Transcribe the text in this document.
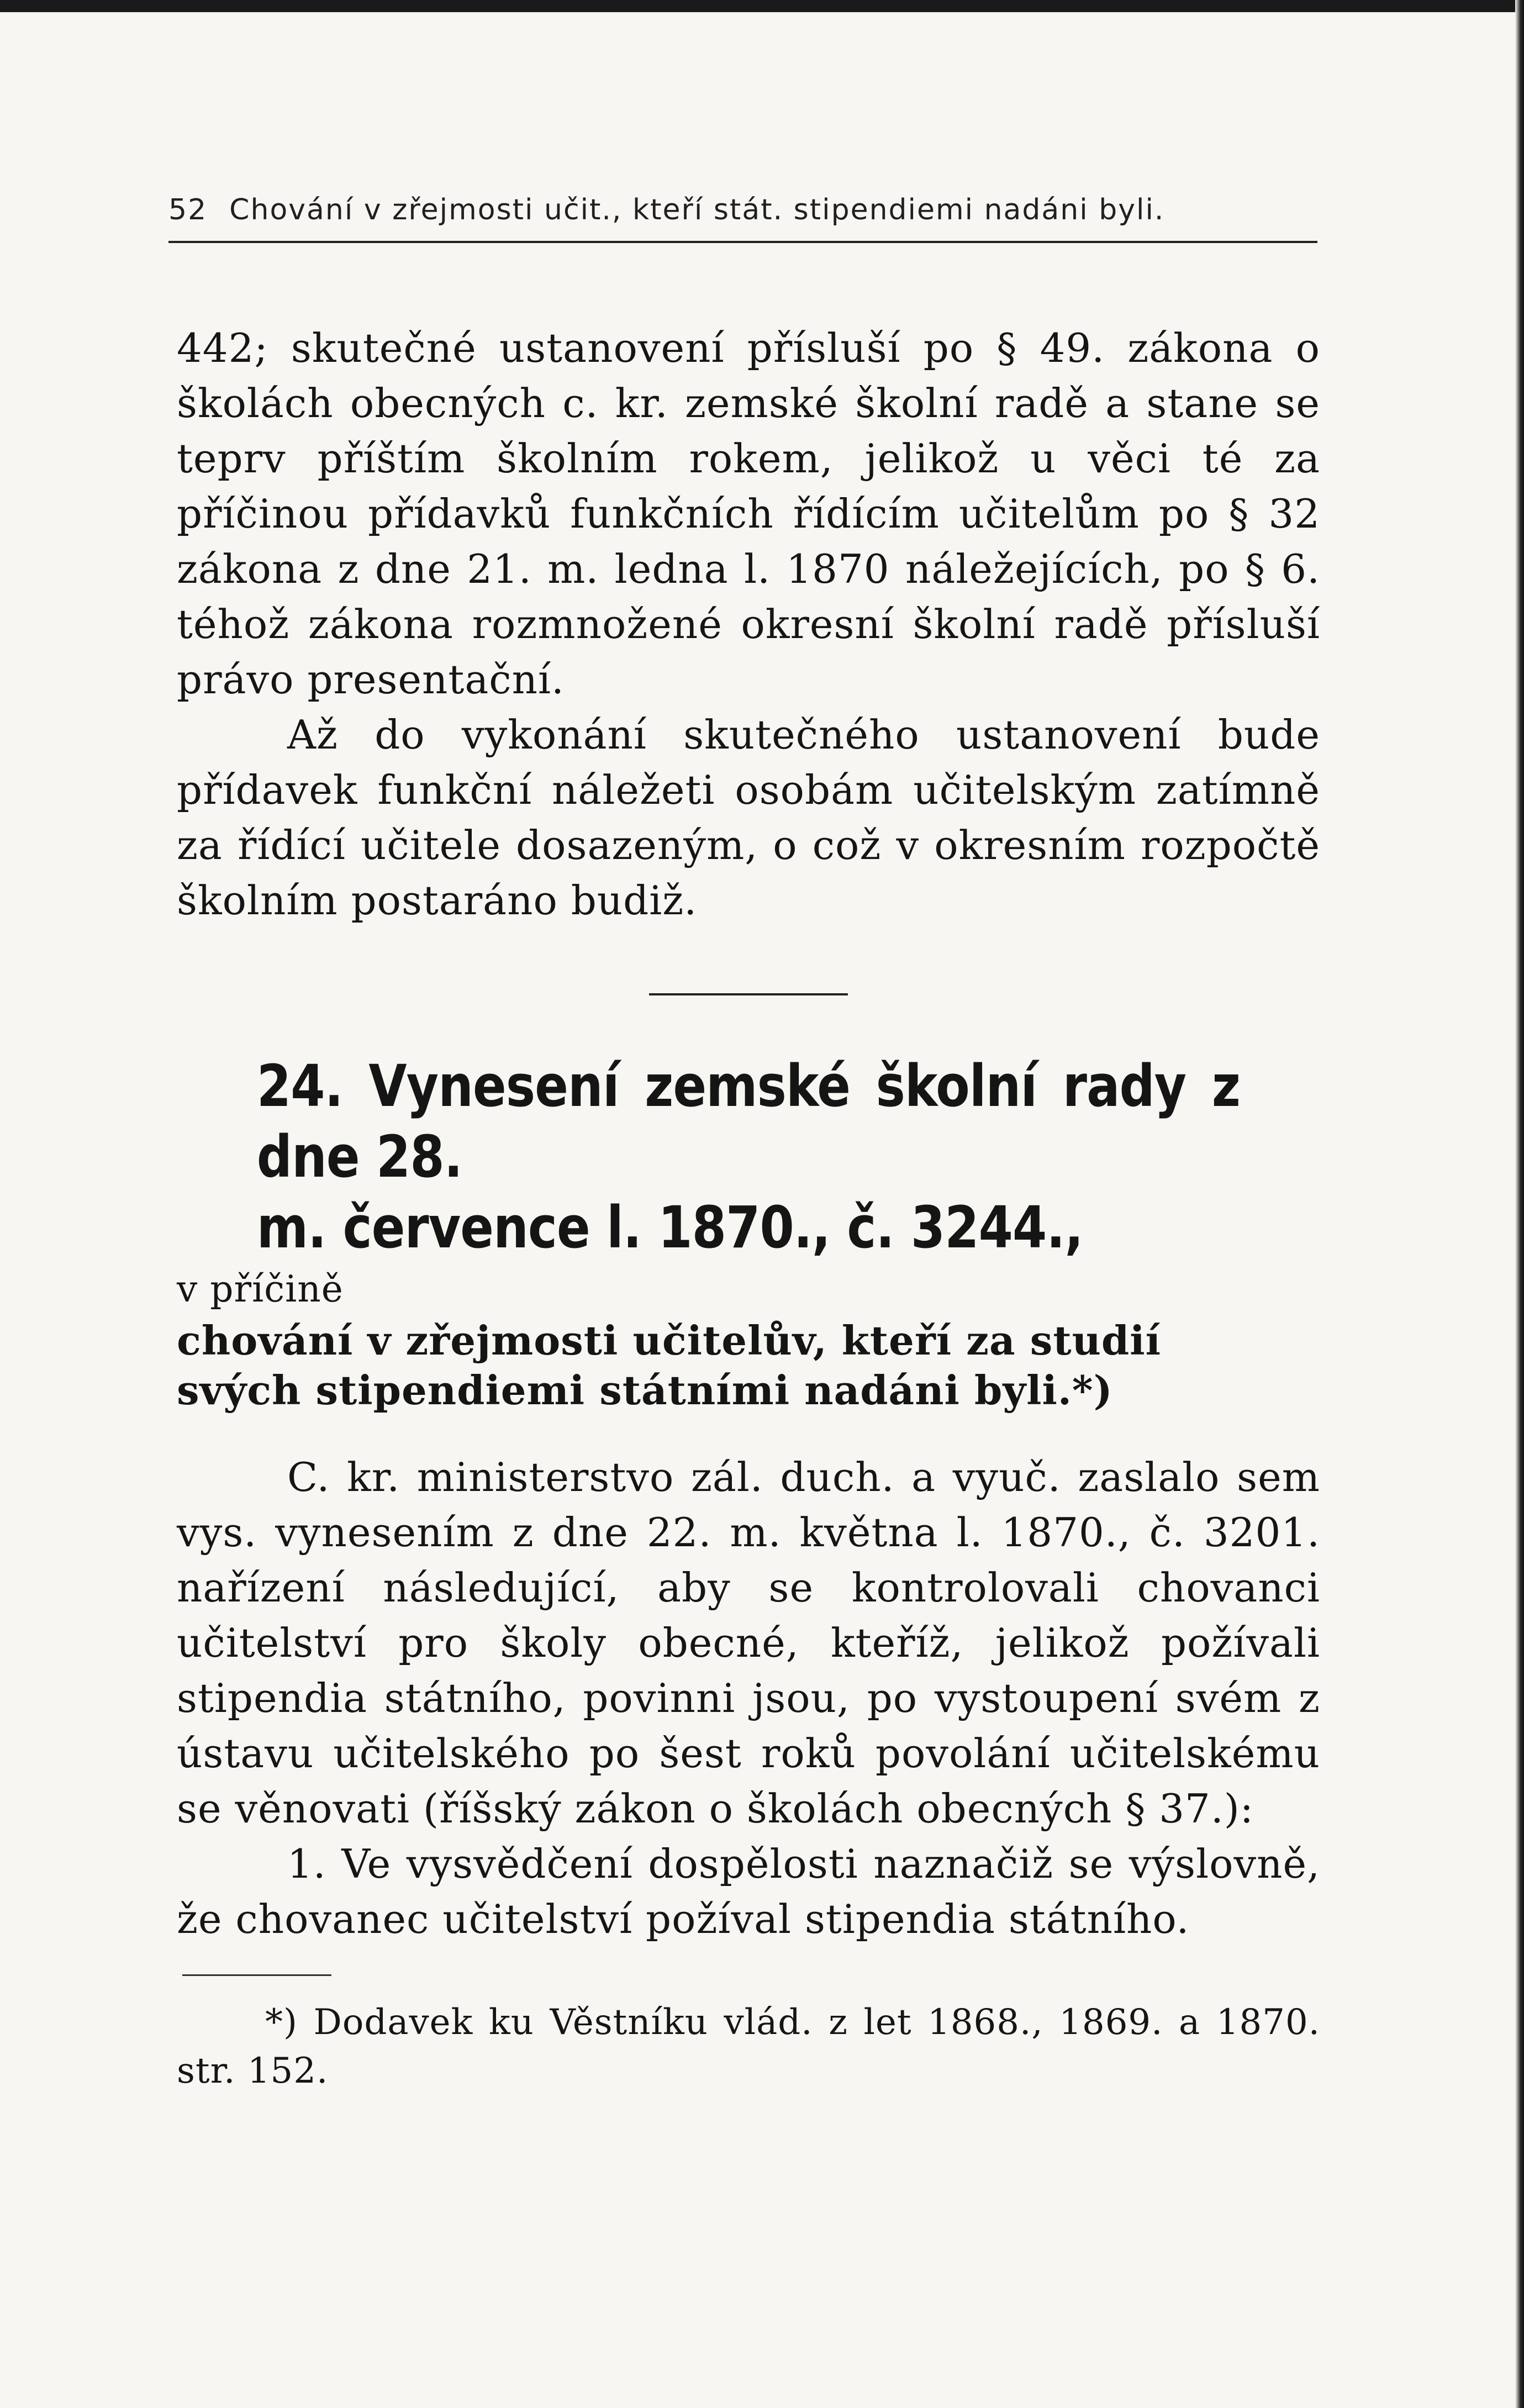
52 Chování v zřejmosti učit., kteří stát. stipendiemi nadáni byli.

442; skutečné ustanovení přísluší po § 49. zákona o školách obecných c. kr. zemské školní radě a stane se teprv příštím školním rokem, jelikož u věci té za příčinou přídavků funkčních řídícím učitelům po § 32 zákona z dne 21. m. ledna l. 1870 náležejících, po § 6. téhož zákona rozmnožené okresní školní radě přísluší právo presentační.

Až do vykonání skutečného ustanovení bude přídavek funkční náležeti osobám učitelským zatímně za řídící učitele dosazeným, o což v okresním rozpočtě školním postaráno budiž.

24. Vynesení zemské školní rady z dne 28.

m. července l. 1870., č. 3244.,

v příčině

chování v zřejmosti učitelův, kteří za studií
svých stipendiemi státními nadáni byli.*)

C. kr. ministerstvo zál. duch. a vyuč. zaslalo sem vys. vynesením z dne 22. m. května l. 1870., č. 3201. nařízení následující, aby se kontrolovali chovanci učitelství pro školy obecné, kteříž, jelikož požívali stipendia státního, povinni jsou, po vystoupení svém z ústavu učitelského po šest roků povolání učitelskému se věnovati (říšský zákon o školách obecných § 37.):

1. Ve vysvědčení dospělosti naznačiž se výslovně, že chovanec učitelství požíval stipendia státního.

*) Dodavek ku Věstníku vlád. z let 1868., 1869. a 1870. str. 152.
